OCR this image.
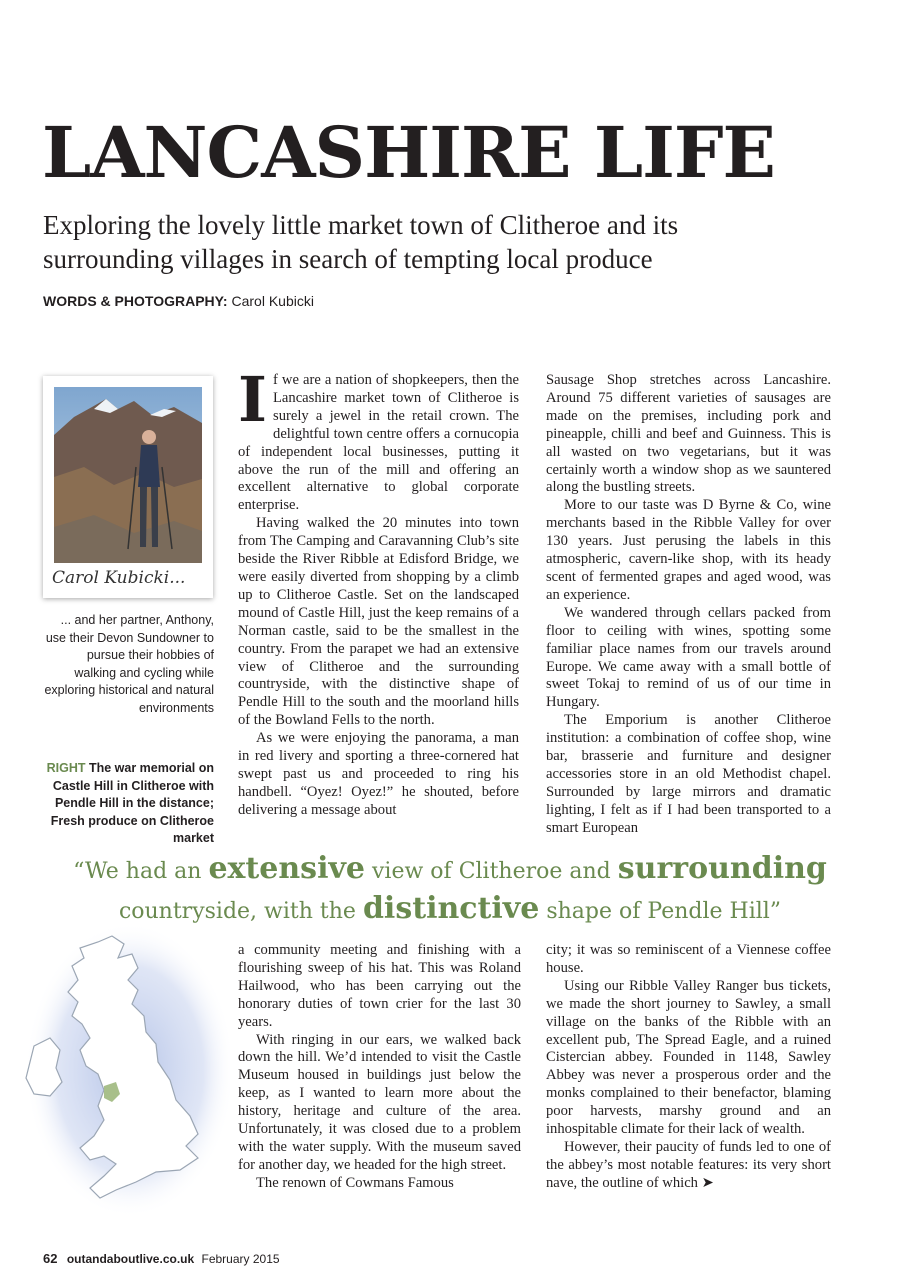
LANCASHIRE LIFE
Exploring the lovely little market town of Clitheroe and its surrounding villages in search of tempting local produce
WORDS & PHOTOGRAPHY: Carol Kubicki
Carol Kubicki...
... and her partner, Anthony, use their Devon Sundowner to pursue their hobbies of walking and cycling while exploring historical and natural environments
RIGHT The war memorial on Castle Hill in Clitheroe with Pendle Hill in the distance; Fresh produce on Clitheroe market

If we are a nation of shopkeepers, then the Lancashire market town of Clitheroe is surely a jewel in the retail crown. The delightful town centre offers a cornucopia of independent local businesses, putting it above the run of the mill and offering an excellent alternative to global corporate enterprise.

Having walked the 20 minutes into town from The Camping and Caravanning Club’s site beside the River Ribble at Edisford Bridge, we were easily diverted from shopping by a climb up to Clitheroe Castle. Set on the landscaped mound of Castle Hill, just the keep remains of a Norman castle, said to be the smallest in the country. From the parapet we had an extensive view of Clitheroe and the surrounding countryside, with the distinctive shape of Pendle Hill to the south and the moorland hills of the Bowland Fells to the north.

As we were enjoying the panorama, a man in red livery and sporting a three-cornered hat swept past us and proceeded to ring his handbell. “Oyez! Oyez!” he shouted, before delivering a message about

Sausage Shop stretches across Lancashire. Around 75 different varieties of sausages are made on the premises, including pork and pineapple, chilli and beef and Guinness. This is all wasted on two vegetarians, but it was certainly worth a window shop as we sauntered along the bustling streets.

More to our taste was D Byrne & Co, wine merchants based in the Ribble Valley for over 130 years. Just perusing the labels in this atmospheric, cavern-like shop, with its heady scent of fermented grapes and aged wood, was an experience.

We wandered through cellars packed from floor to ceiling with wines, spotting some familiar place names from our travels around Europe. We came away with a small bottle of sweet Tokaj to remind of us of our time in Hungary.

The Emporium is another Clitheroe institution: a combination of coffee shop, wine bar, brasserie and furniture and designer accessories store in an old Methodist chapel. Surrounded by large mirrors and dramatic lighting, I felt as if I had been transported to a smart European

“We had an extensive view of Clitheroe and surrounding
countryside, with the distinctive shape of Pendle Hill”

a community meeting and finishing with a flourishing sweep of his hat. This was Roland Hailwood, who has been carrying out the honorary duties of town crier for the last 30 years.

With ringing in our ears, we walked back down the hill. We’d intended to visit the Castle Museum housed in buildings just below the keep, as I wanted to learn more about the history, heritage and culture of the area. Unfortunately, it was closed due to a problem with the water supply. With the museum saved for another day, we headed for the high street.

The renown of Cowmans Famous

city; it was so reminiscent of a Viennese coffee house.

Using our Ribble Valley Ranger bus tickets, we made the short journey to Sawley, a small village on the banks of the Ribble with an excellent pub, The Spread Eagle, and a ruined Cistercian abbey. Founded in 1148, Sawley Abbey was never a prosperous order and the monks complained to their benefactor, blaming poor harvests, marshy ground and an inhospitable climate for their lack of wealth.

However, their paucity of funds led to one of the abbey’s most notable features: its very short nave, the outline of which ➤

62 outandaboutlive.co.uk February 2015
